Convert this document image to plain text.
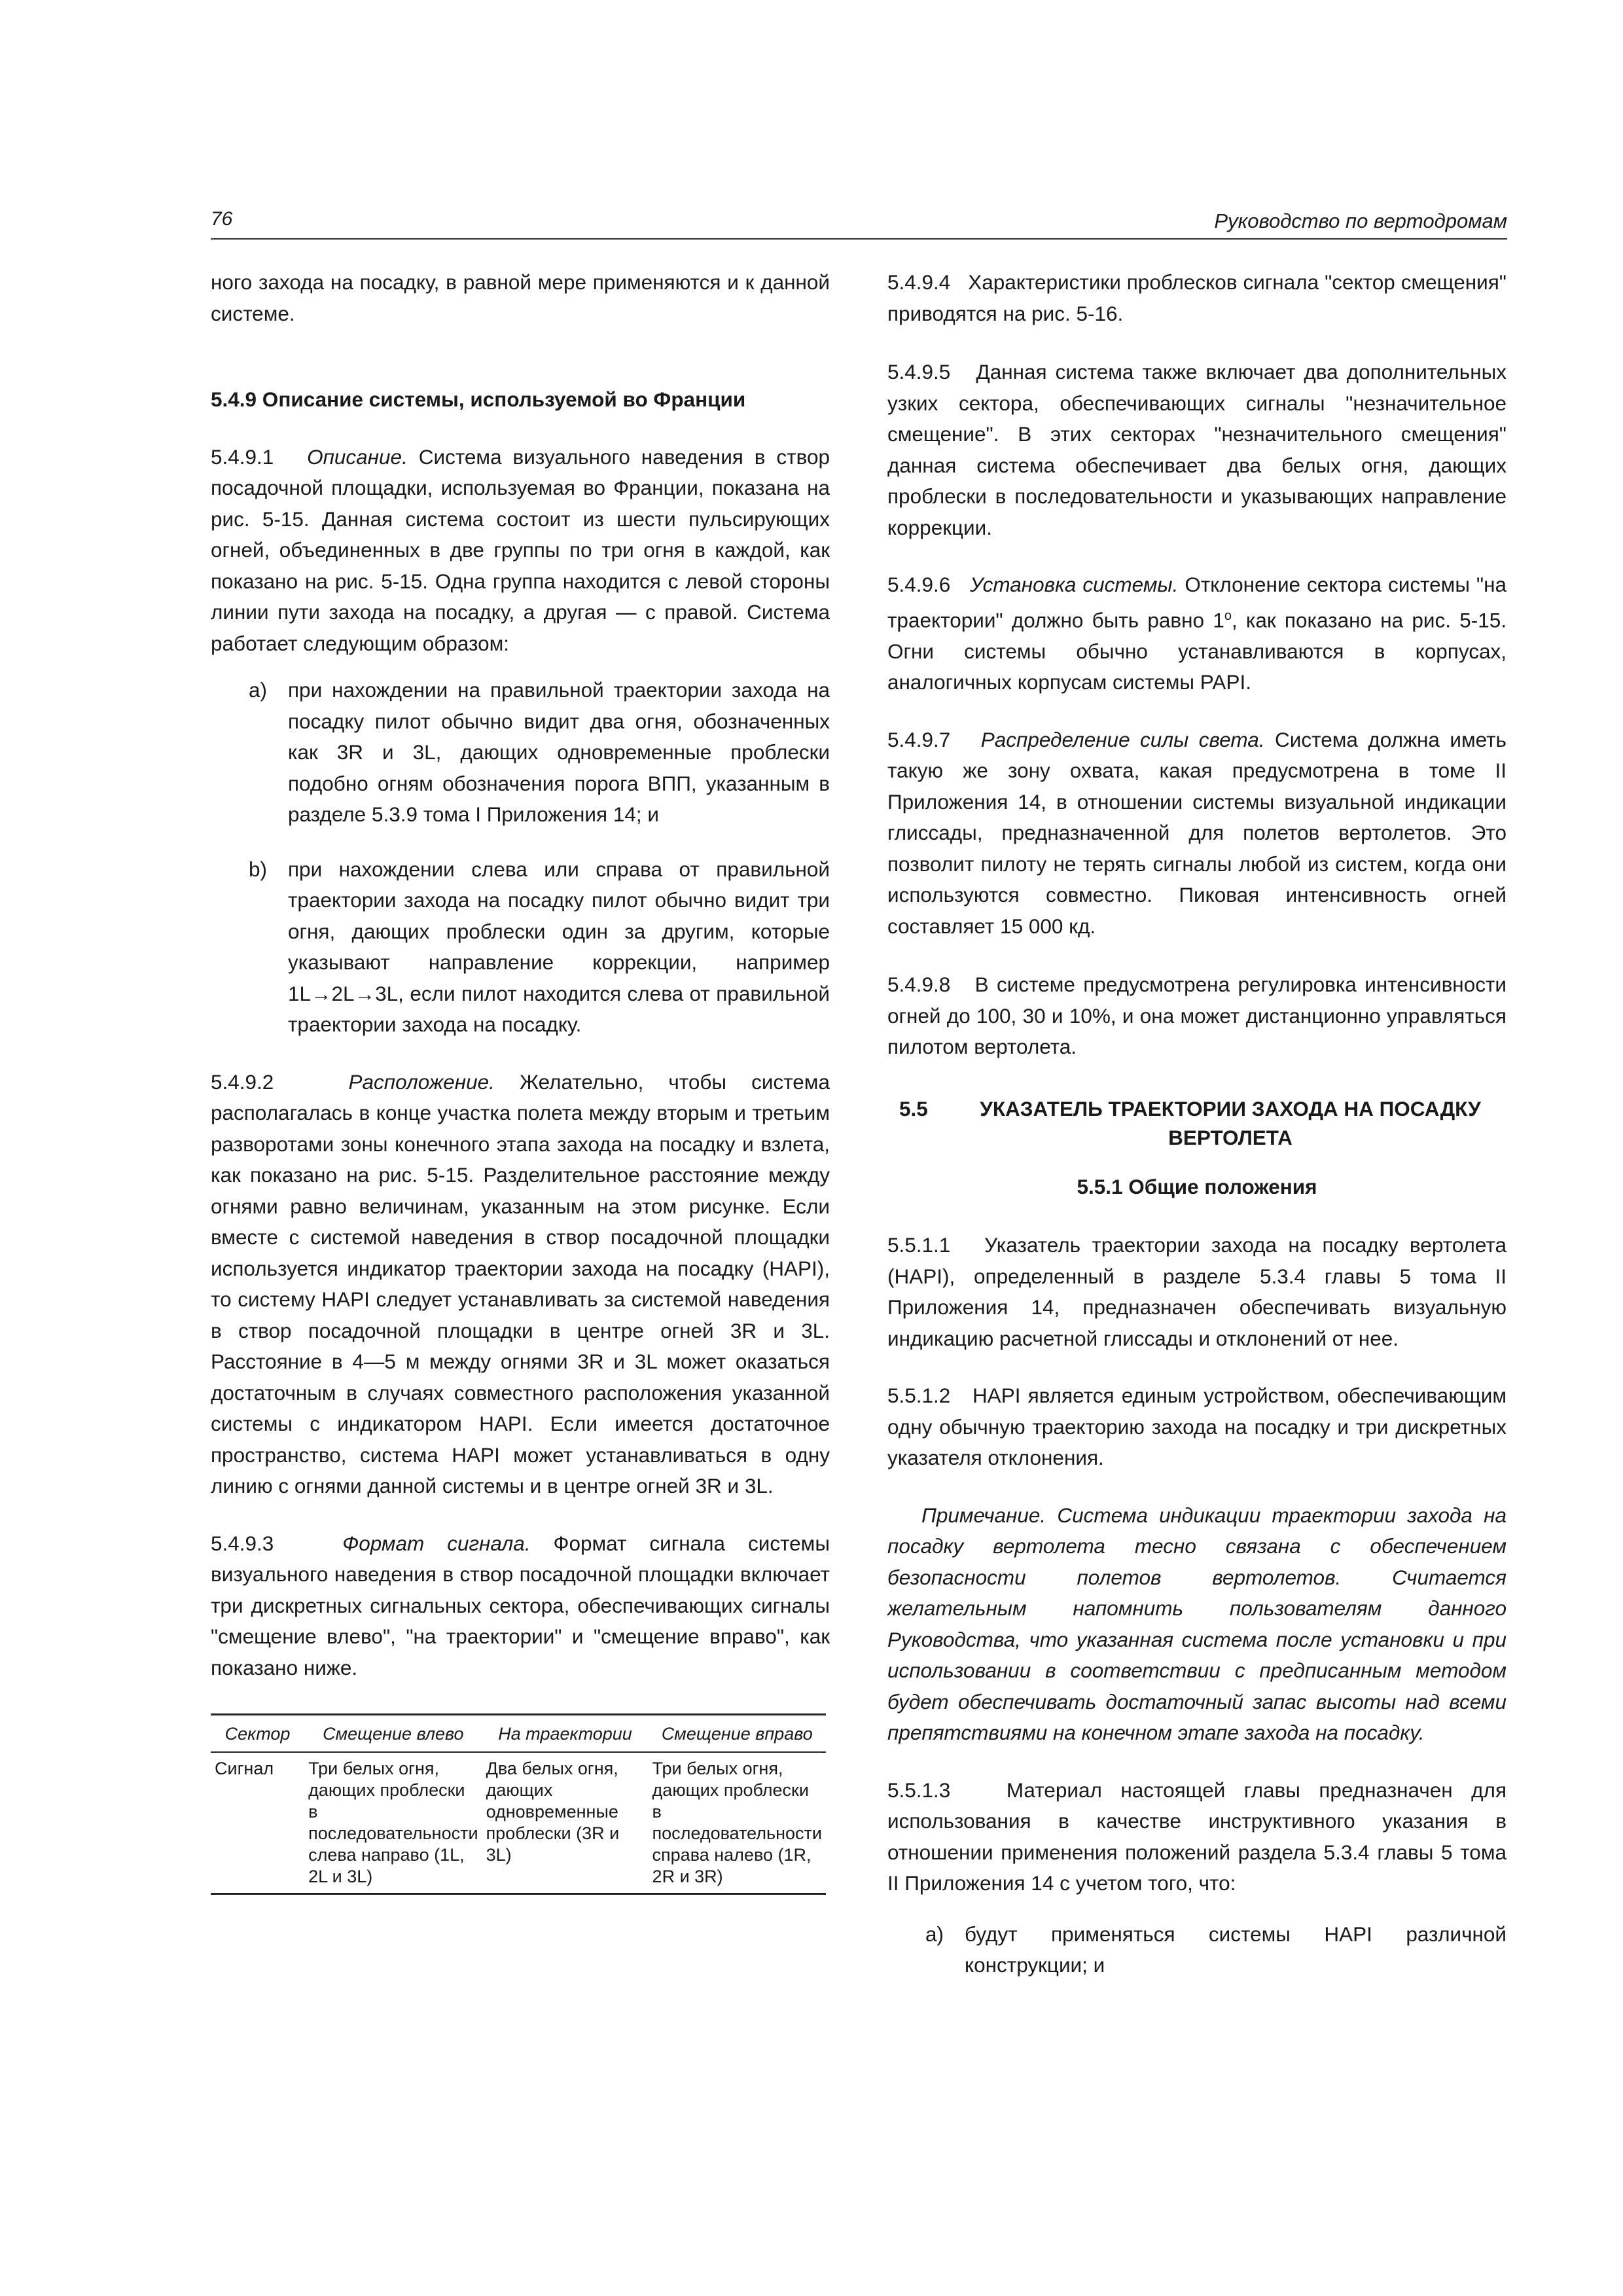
76	Руководство по вертодромам

ного захода на посадку, в равной мере применяются и к данной системе.

5.4.9 Описание системы, используемой во Франции

5.4.9.1 Описание. Система визуального наведения в створ посадочной площадки, используемая во Франции, показана на рис. 5-15. Данная система состоит из шести пульсирующих огней, объединенных в две группы по три огня в каждой, как показано на рис. 5-15. Одна группа находится с левой стороны линии пути захода на посадку, а другая — с правой. Система работает следующим образом:

a) при нахождении на правильной траектории захода на посадку пилот обычно видит два огня, обозначенных как 3R и 3L, дающих одновременные проблески подобно огням обозначения порога ВПП, указанным в разделе 5.3.9 тома I Приложения 14; и

b) при нахождении слева или справа от правильной траектории захода на посадку пилот обычно видит три огня, дающих проблески один за другим, которые указывают направление коррекции, например 1L→2L→3L, если пилот находится слева от правильной траектории захода на посадку.

5.4.9.2	Расположение. Желательно, чтобы система располагалась в конце участка полета между вторым и третьим разворотами зоны конечного этапа захода на посадку и взлета, как показано на рис. 5-15. Разделительное расстояние между огнями равно величинам, указанным на этом рисунке. Если вместе с системой наведения в створ посадочной площадки используется индикатор траектории захода на посадку (HAPI), то систему HAPI следует устанавливать за системой наведения в створ посадочной площадки в центре огней 3R и 3L. Расстояние в 4—5 м между огнями 3R и 3L может оказаться достаточным в случаях совместного расположения указанной системы с индикатором HAPI. Если имеется достаточное пространство, система HAPI может устанавливаться в одну линию с огнями данной системы и в центре огней 3R и 3L.

5.4.9.3	Формат сигнала. Формат сигнала системы визуального наведения в створ посадочной площадки включает три дискретных сигнальных сектора, обеспечивающих сигналы "смещение влево", "на траектории" и "смещение вправо", как показано ниже.

Сектор	Смещение влево	На траектории	Смещение вправо
Сигнал	Три белых огня, дающих проблески в последовательности слева направо (1L, 2L и 3L)	Два белых огня, дающих одновременные проблески (3R и 3L)	Три белых огня, дающих проблески в последовательности справа налево (1R, 2R и 3R)

5.4.9.4 Характеристики проблесков сигнала "сектор смещения" приводятся на рис. 5-16.

5.4.9.5 Данная система также включает два дополнительных узких сектора, обеспечивающих сигналы "незначительное смещение". В этих секторах "незначительного смещения" данная система обеспечивает два белых огня, дающих проблески в последовательности и указывающих направление коррекции.

5.4.9.6 Установка системы. Отклонение сектора системы "на траектории" должно быть равно $1^о$, как показано на рис. 5-15. Огни системы обычно устанавливаются в корпусах, аналогичных корпусам системы PAPI.

5.4.9.7 Распределение силы света. Система должна иметь такую же зону охвата, какая предусмотрена в томе II Приложения 14, в отношении системы визуальной индикации глиссады, предназначенной для полетов вертолетов. Это позволит пилоту не терять сигналы любой из систем, когда они используются совместно. Пиковая интенсивность огней составляет 15 000 кд.

5.4.9.8 В системе предусмотрена регулировка интенсивности огней до 100, 30 и 10%, и она может дистанционно управляться пилотом вертолета.

5.5	УКАЗАТЕЛЬ ТРАЕКТОРИИ ЗАХОДА НА ПОСАДКУ ВЕРТОЛЕТА

5.5.1 Общие положения

5.5.1.1 Указатель траектории захода на посадку вертолета (HAPI), определенный в разделе 5.3.4 главы 5 тома II Приложения 14, предназначен обеспечивать визуальную индикацию расчетной глиссады и отклонений от нее.

5.5.1.2 HAPI является единым устройством, обеспечивающим одну обычную траекторию захода на посадку и три дискретных указателя отклонения.

Примечание. Система индикации траектории захода на посадку вертолета тесно связана с обеспечением безопасности полетов вертолетов. Считается желательным напомнить пользователям данного Руководства, что указанная система после установки и при использовании в соответствии с предписанным методом будет обеспечивать достаточный запас высоты над всеми препятствиями на конечном этапе захода на посадку.

5.5.1.3	Материал настоящей главы предназначен для использования в качестве инструктивного указания в отношении применения положений раздела 5.3.4 главы 5 тома II Приложения 14 с учетом того, что:

a) будут применяться системы HAPI различной конструкции; и
